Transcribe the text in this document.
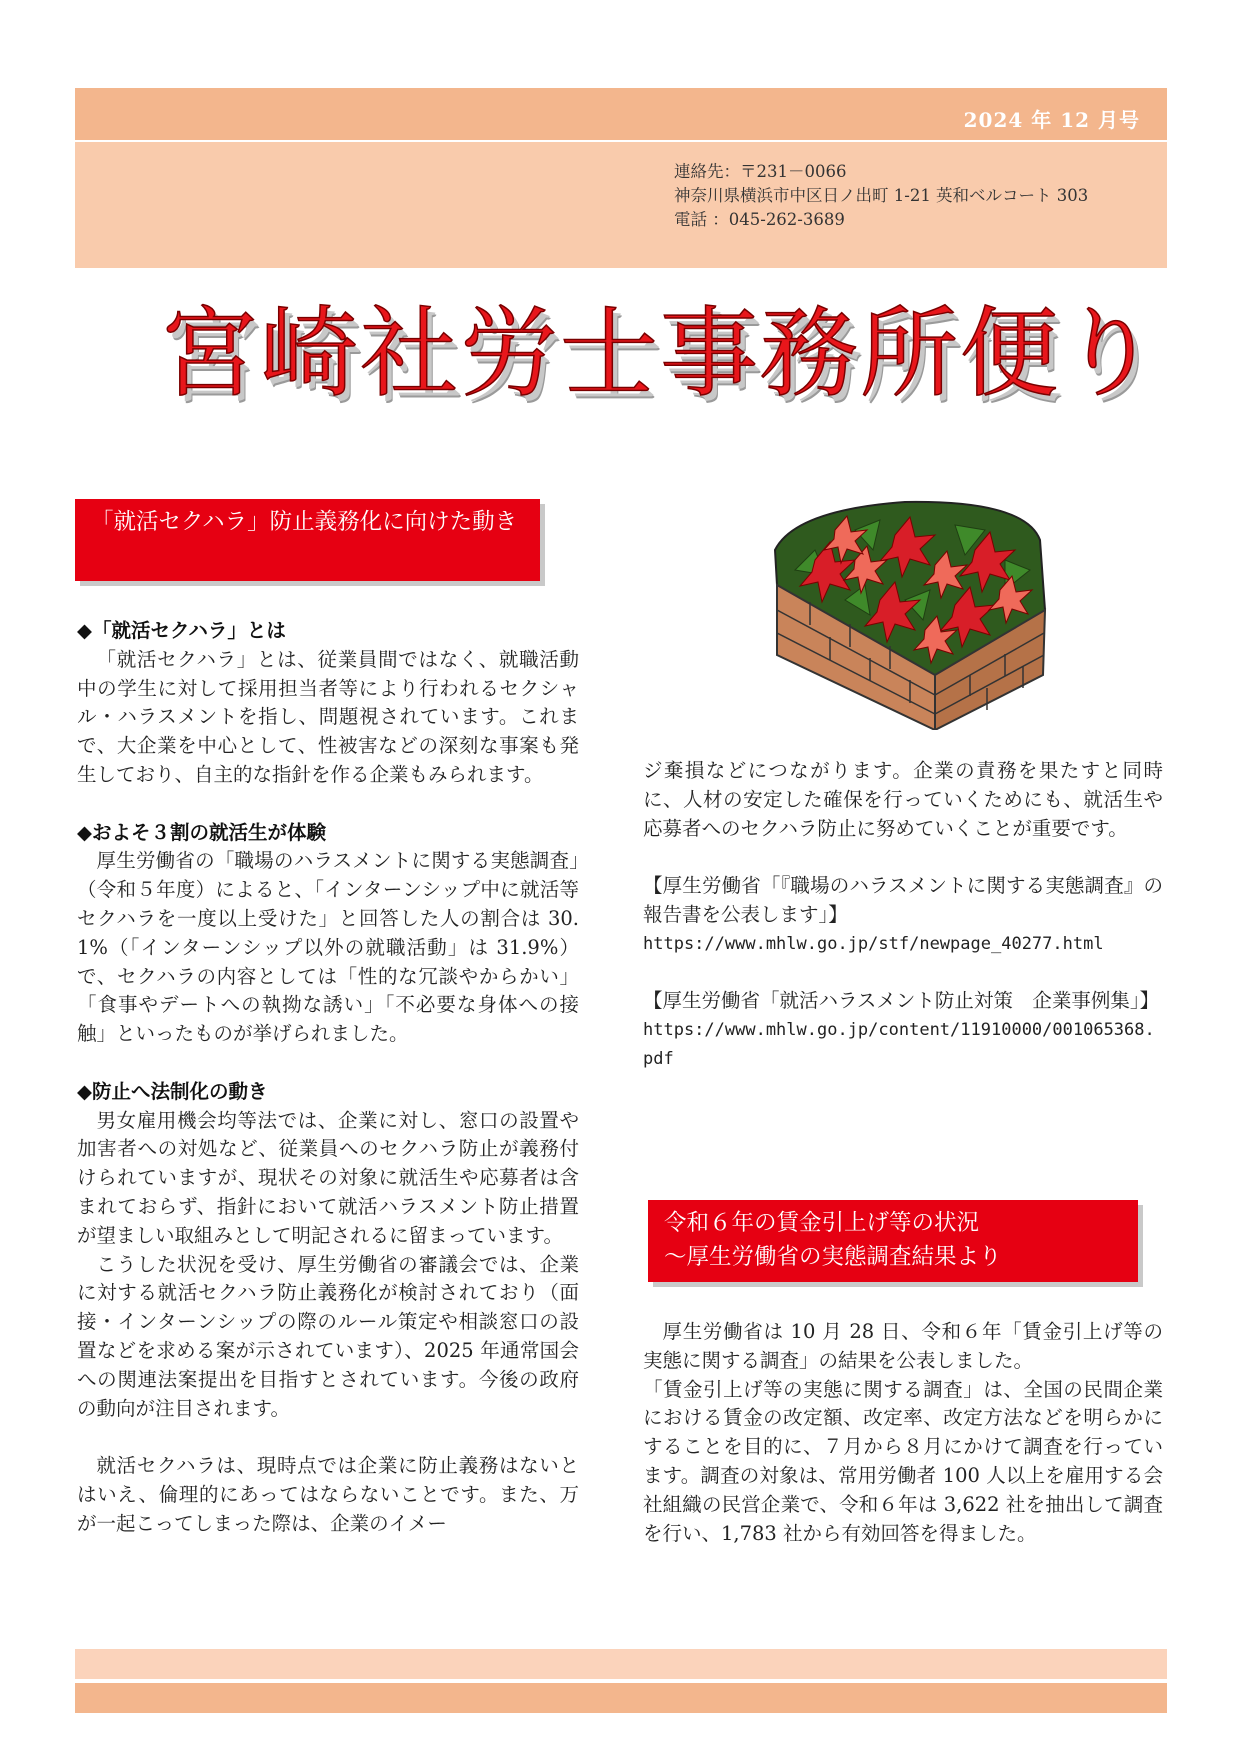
2024 年 12 月号
連絡先：〒231－0066
神奈川県横浜市中区日ノ出町 1-21 英和ベルコート 303
電話 ：045-262-3689
宮崎社労士事務所便り
「就活セクハラ」防止義務化に向けた動き

◆「就活セクハラ」とは

「就活セクハラ」とは、従業員間ではなく、就職活動中の学生に対して採用担当者等により行われるセクシャル・ハラスメントを指し、問題視されています。これまで、大企業を中心として、性被害などの深刻な事案も発生しており、自主的な指針を作る企業もみられます。

◆およそ３割の就活生が体験

厚生労働省の「職場のハラスメントに関する実態調査」（令和５年度）によると、「インターンシップ中に就活等セクハラを一度以上受けた」と回答した人の割合は 30.1%（「インターンシップ以外の就職活動」は 31.9%）で、セクハラの内容としては「性的な冗談やからかい」「食事やデートへの執拗な誘い」「不必要な身体への接触」といったものが挙げられました。

◆防止へ法制化の動き

男女雇用機会均等法では、企業に対し、窓口の設置や加害者への対処など、従業員へのセクハラ防止が義務付けられていますが、現状その対象に就活生や応募者は含まれておらず、指針において就活ハラスメント防止措置が望ましい取組みとして明記されるに留まっています。

こうした状況を受け、厚生労働省の審議会では、企業に対する就活セクハラ防止義務化が検討されており（面接・インターンシップの際のルール策定や相談窓口の設置などを求める案が示されています）、2025 年通常国会への関連法案提出を目指すとされています。今後の政府の動向が注目されます。

就活セクハラは、現時点では企業に防止義務はないとはいえ、倫理的にあってはならないことです。また、万が一起こってしまった際は、企業のイメー

ジ棄損などにつながります。企業の責務を果たすと同時に、人材の安定した確保を行っていくためにも、就活生や応募者へのセクハラ防止に努めていくことが重要です。

【厚生労働省「『職場のハラスメントに関する実態調査』の報告書を公表します」】

https://www.mhlw.go.jp/stf/newpage_40277.html

【厚生労働省「就活ハラスメント防止対策　企業事例集」】

https://www.mhlw.go.jp/content/11910000/001065368.pdf

令和６年の賃金引上げ等の状況
～厚生労働省の実態調査結果より

厚生労働省は 10 月 28 日、令和６年「賃金引上げ等の実態に関する調査」の結果を公表しました。

「賃金引上げ等の実態に関する調査」は、全国の民間企業における賃金の改定額、改定率、改定方法などを明らかにすることを目的に、７月から８月にかけて調査を行っています。調査の対象は、常用労働者 100 人以上を雇用する会社組織の民営企業で、令和６年は 3,622 社を抽出して調査を行い、1,783 社から有効回答を得ました。
